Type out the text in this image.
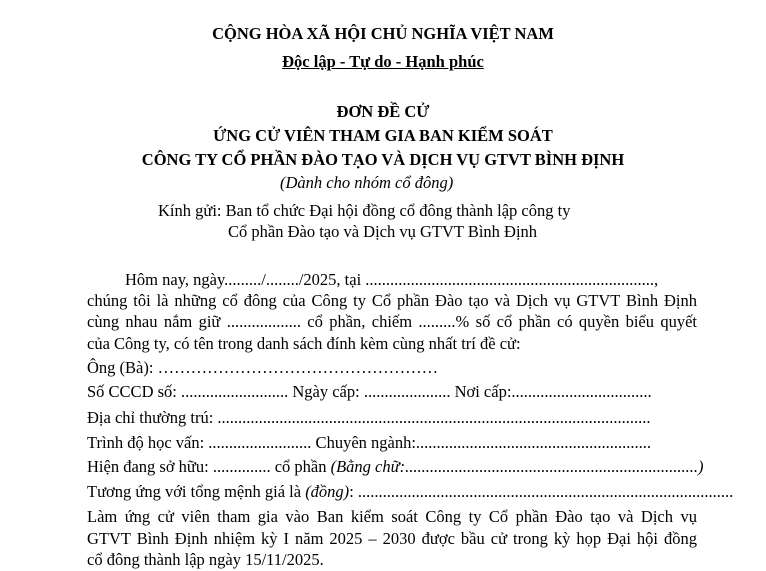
CỘNG HÒA XÃ HỘI CHỦ NGHĨA VIỆT NAM
Độc lập - Tự do - Hạnh phúc
ĐƠN ĐỀ CỬ
ỨNG CỬ VIÊN THAM GIA BAN KIỂM SOÁT
CÔNG TY CỔ PHẦN ĐÀO TẠO VÀ DỊCH VỤ GTVT BÌNH ĐỊNH
(Dành cho nhóm cổ đông)
Kính gửi: Ban tổ chức Đại hội đồng cổ đông thành lập công ty
Cổ phần Đào tạo và Dịch vụ GTVT Bình Định
Hôm nay, ngày........./......../2025, tại ......................................................................,
chúng tôi là những cổ đông của Công ty Cổ phần Đào tạo và Dịch vụ GTVT Bình Định
cùng nhau nắm giữ .................. cổ phần, chiếm .........% số cổ phần có quyền biểu quyết
của Công ty, có tên trong danh sách đính kèm cùng nhất trí đề cử:
Ông (Bà): ……………………………………………
Số CCCD số: .......................... Ngày cấp: ..................... Nơi cấp:..................................
Địa chỉ thường trú: .........................................................................................................
Trình độ học vấn: ......................... Chuyên ngành:.........................................................
Hiện đang sở hữu: .............. cổ phần (Bằng chữ:.......................................................................)
Tương ứng với tổng mệnh giá là (đồng): ...........................................................................................
Làm ứng cử viên tham gia vào Ban kiểm soát Công ty Cổ phần Đào tạo và Dịch vụ
GTVT Bình Định nhiệm kỳ I năm 2025 – 2030 được bầu cử trong kỳ họp Đại hội đồng
cổ đông thành lập ngày 15/11/2025.
